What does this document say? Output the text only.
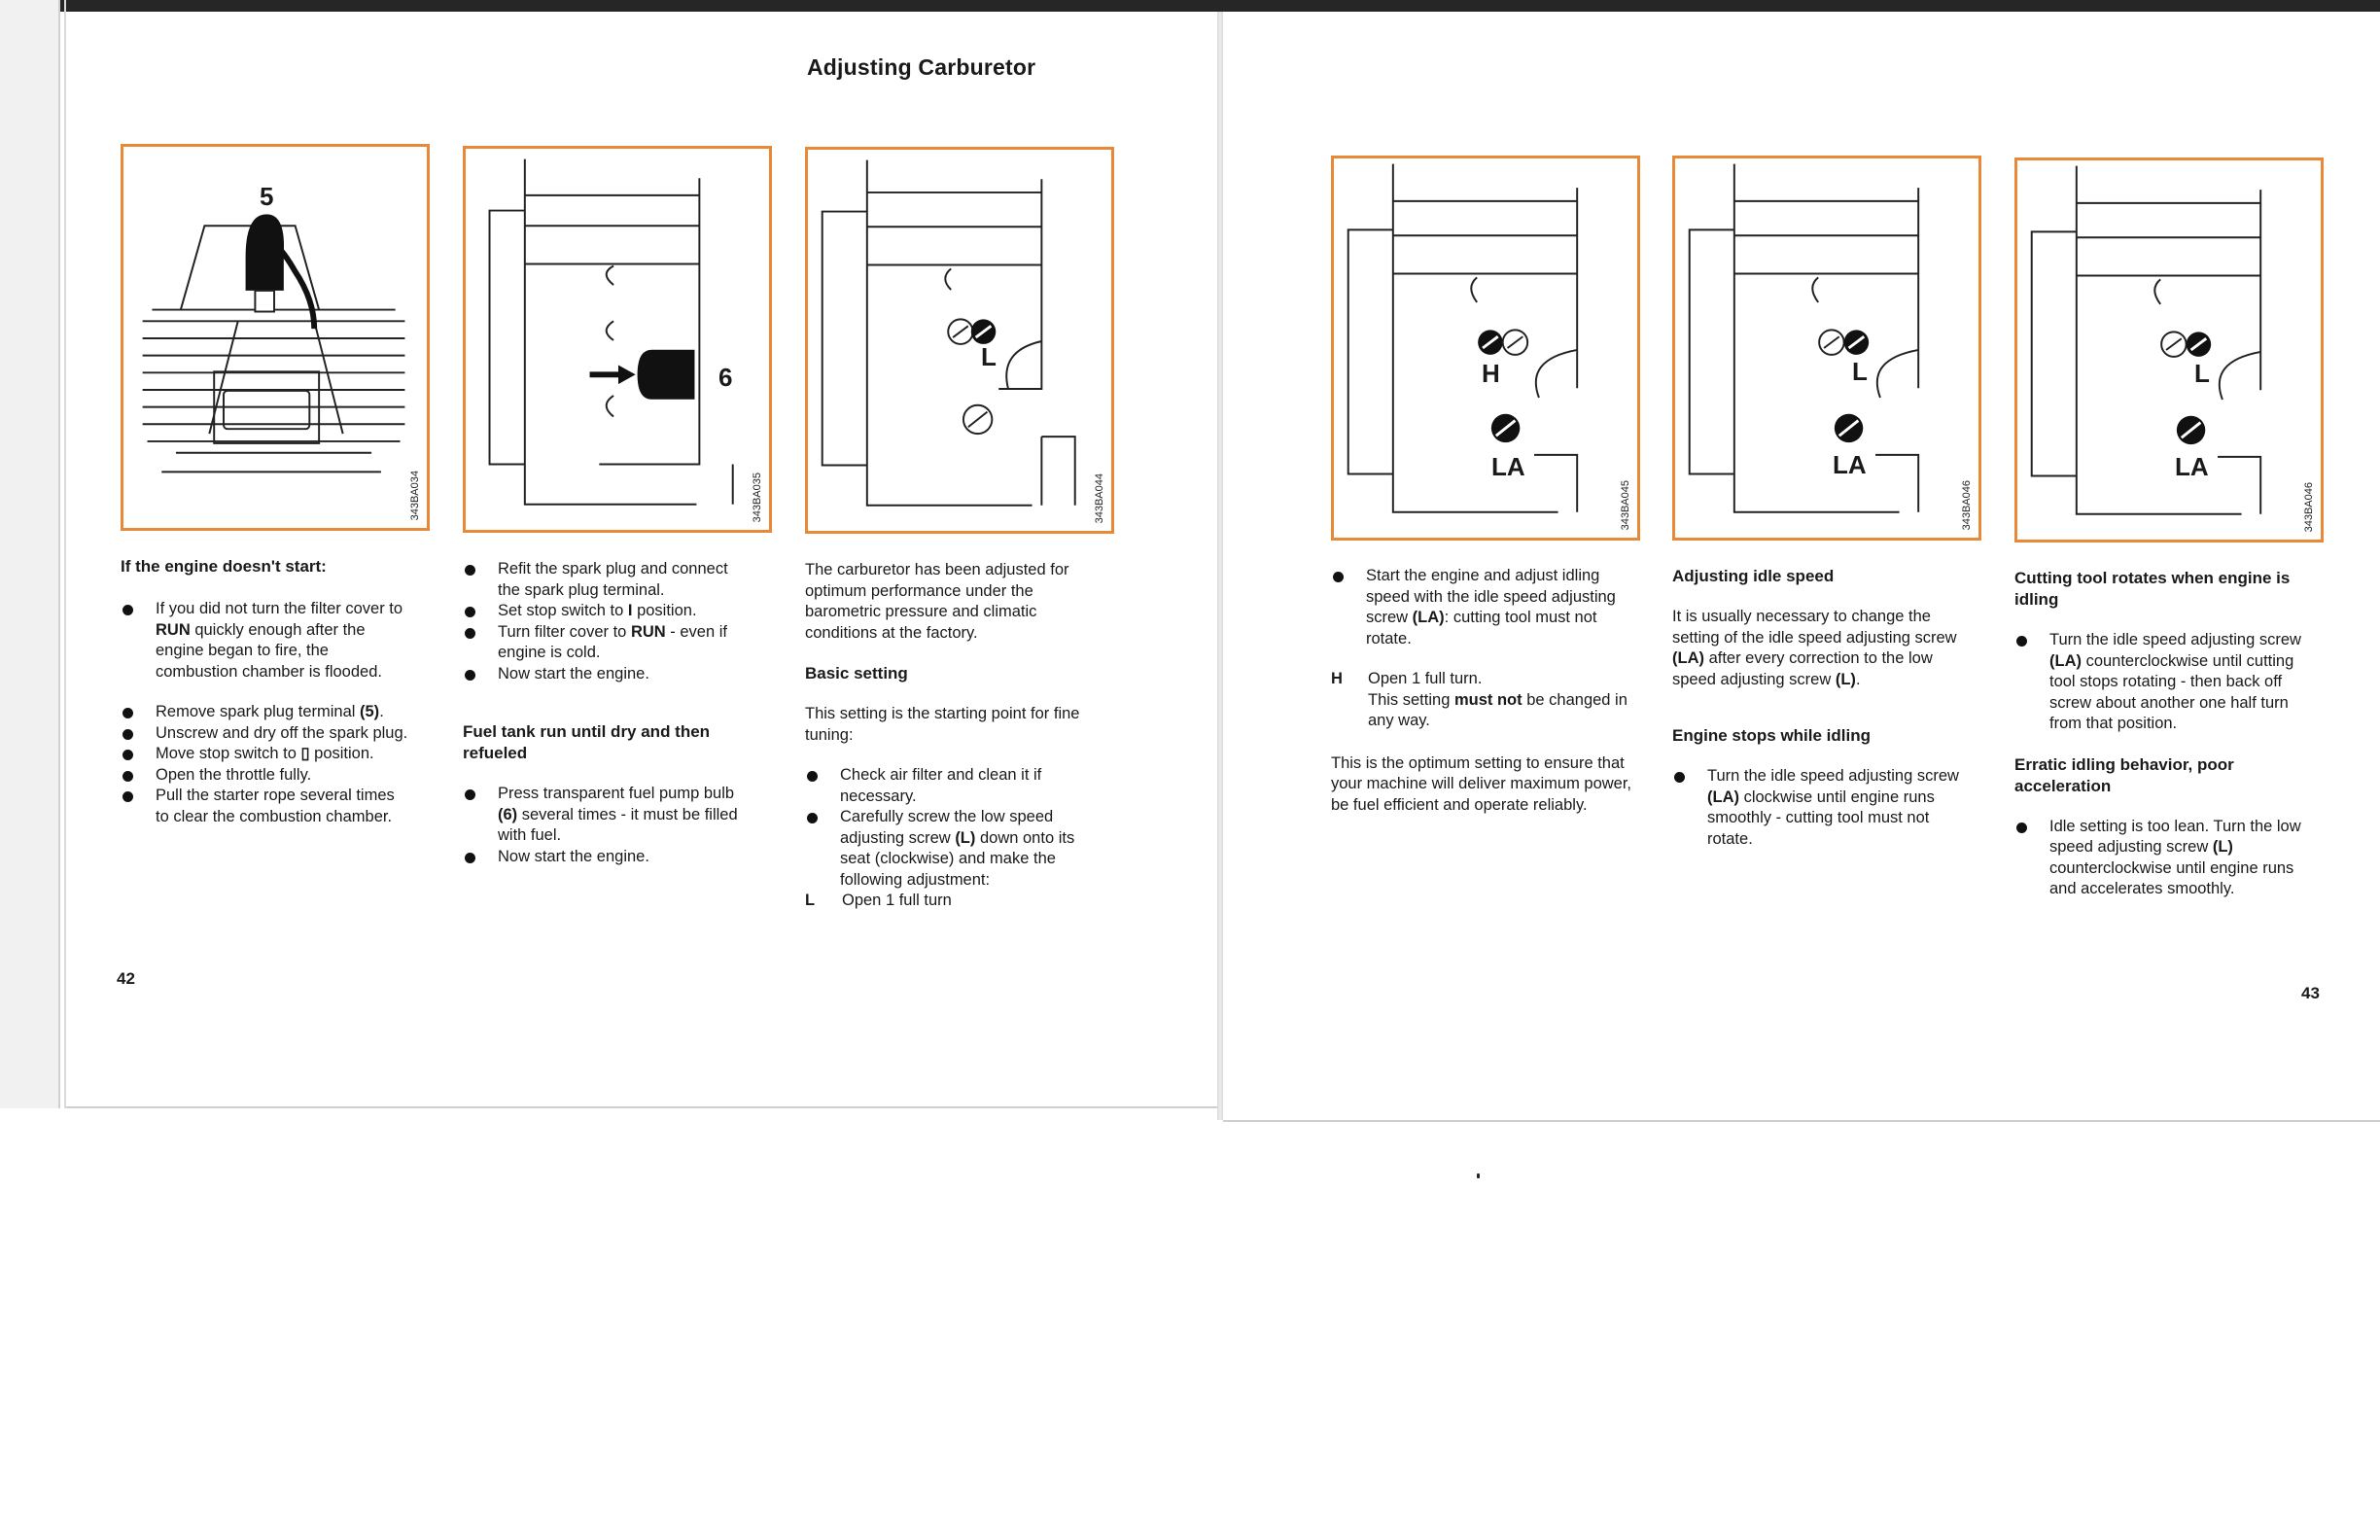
Adjusting Carburetor
5
343BA034
6
343BA035
L
343BA044
H
LA
343BA045
L
LA
343BA046
L
LA
343BA046

If the engine doesn't start:

If you did not turn the filter cover to RUN quickly enough after the engine began to fire, the combustion chamber is flooded.
Remove spark plug terminal (5).
Unscrew and dry off the spark plug.
Move stop switch to ▯ position.
Open the throttle fully.
Pull the starter rope several times to clear the combustion chamber.
Refit the spark plug and connect the spark plug terminal.
Set stop switch to I position.
Turn filter cover to RUN - even if engine is cold.
Now start the engine.

Fuel tank run until dry and then refueled

Press transparent fuel pump bulb (6) several times - it must be filled with fuel.
Now start the engine.

The carburetor has been adjusted for optimum performance under the barometric pressure and climatic conditions at the factory.

Basic setting

This setting is the starting point for fine tuning:

Check air filter and clean it if necessary.
Carefully screw the low speed adjusting screw (L) down onto its seat (clockwise) and make the following adjustment:
L	Open 1 full turn
Start the engine and adjust idling speed with the idle speed adjusting screw (LA): cutting tool must not rotate.
H	Open 1 full turn.
This setting must not be changed in any way.

This is the optimum setting to ensure that your machine will deliver maximum power, be fuel efficient and operate reliably.

Adjusting idle speed

It is usually necessary to change the setting of the idle speed adjusting screw (LA) after every correction to the low speed adjusting screw (L).

Engine stops while idling

Turn the idle speed adjusting screw (LA) clockwise until engine runs smoothly - cutting tool must not rotate.

Cutting tool rotates when engine is idling

Turn the idle speed adjusting screw (LA) counterclockwise until cutting tool stops rotating - then back off screw about another one half turn from that position.

Erratic idling behavior, poor acceleration

Idle setting is too lean. Turn the low speed adjusting screw (L) counterclockwise until engine runs and accelerates smoothly.
42
43
